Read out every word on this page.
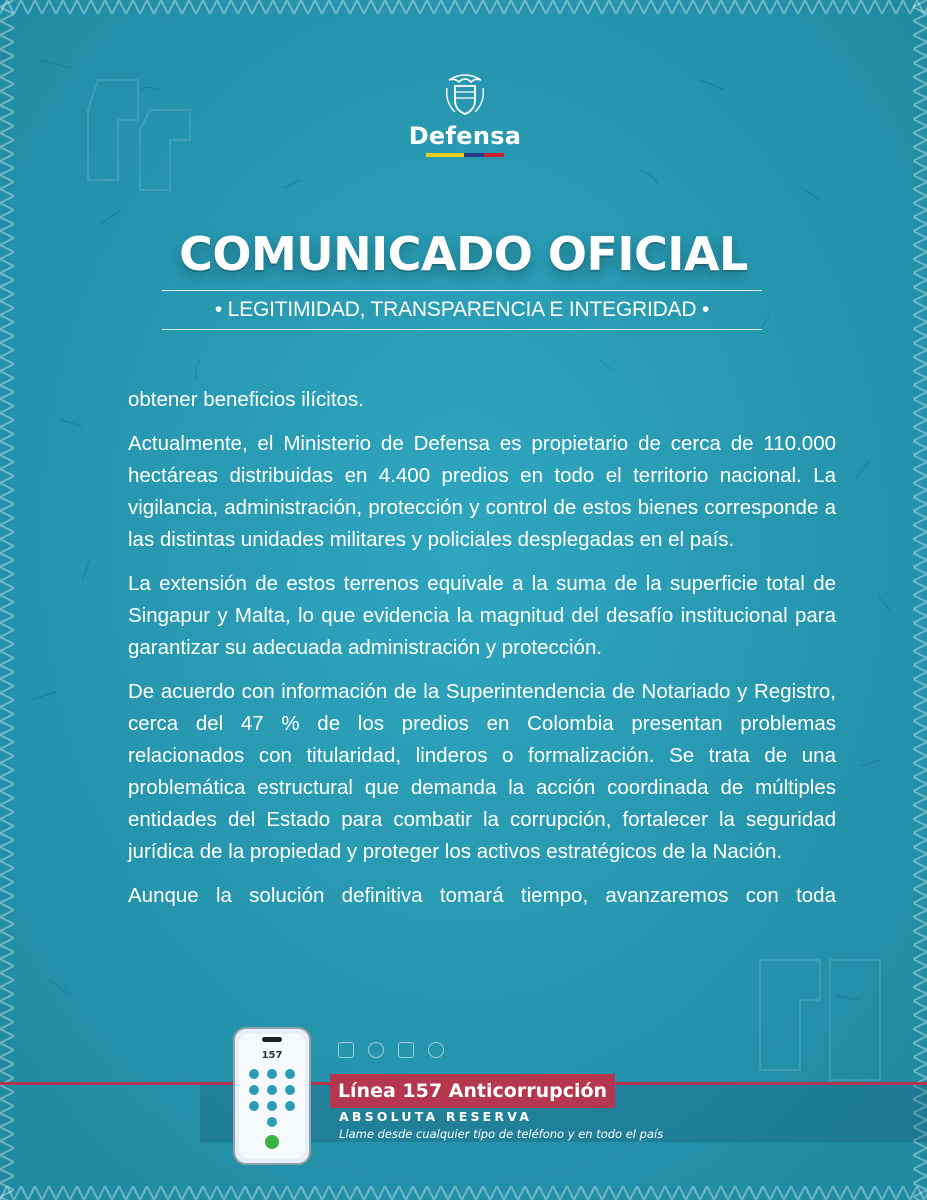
Defensa
COMUNICADO OFICIAL
• LEGITIMIDAD, TRANSPARENCIA E INTEGRIDAD •

obtener beneficios ilícitos.

Actualmente, el Ministerio de Defensa es propietario de cerca de 110.000 hectáreas distribuidas en 4.400 predios en todo el territorio nacional. La vigilancia, administración, protección y control de estos bienes corresponde a las distintas unidades militares y policiales desplegadas en el país.

La extensión de estos terrenos equivale a la suma de la superficie total de Singapur y Malta, lo que evidencia la magnitud del desafío institucional para garantizar su adecuada administración y protección.

De acuerdo con información de la Superintendencia de Notariado y Registro, cerca del 47 % de los predios en Colombia presentan problemas relacionados con titularidad, linderos o formalización. Se trata de una problemática estructural que demanda la acción coordinada de múltiples entidades del Estado para combatir la corrupción, fortalecer la seguridad jurídica de la propiedad y proteger los activos estratégicos de la Nación.

Aunque la solución definitiva tomará tiempo, avanzaremos con toda

157
Línea 157 Anticorrupción
ABSOLUTA RESERVA
Llame desde cualquier tipo de teléfono y en todo el país
